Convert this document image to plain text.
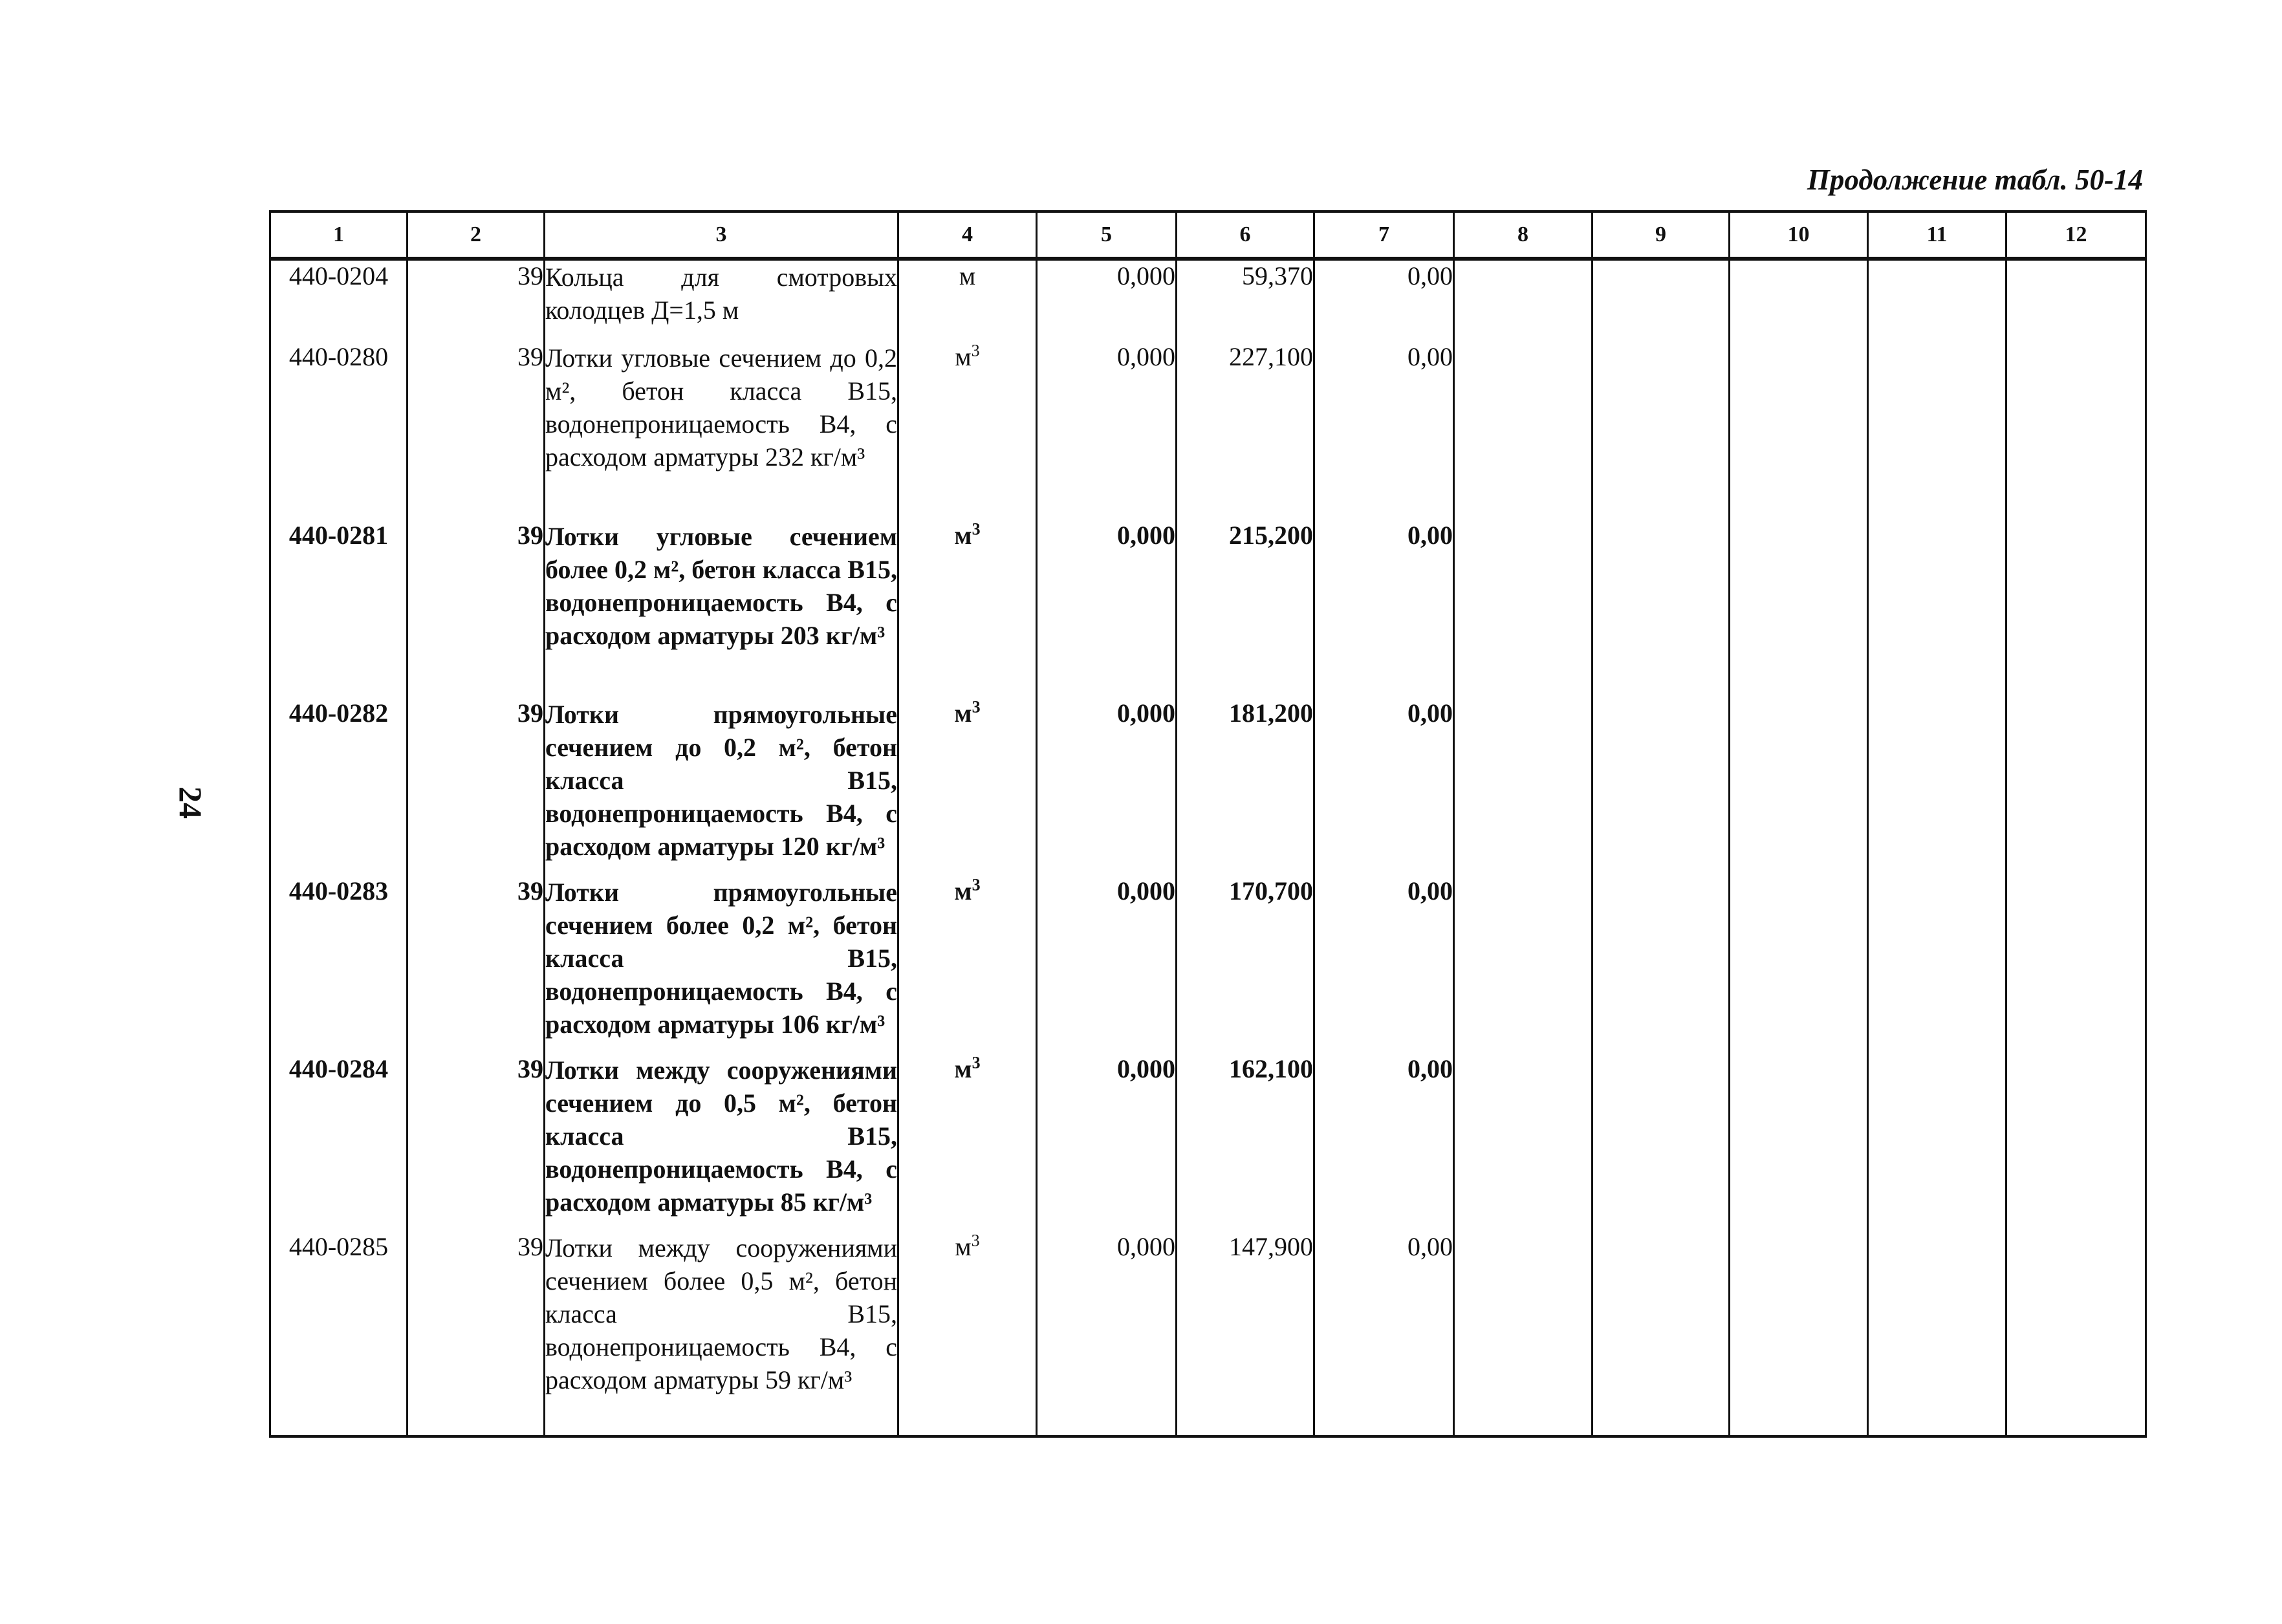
Продолжение табл. 50-14
24
1	2	3	4	5	6	7	8	9	10	11	12
440-0204	39	Кольца для смотровых колодцев Д=1,5 м	м	0,000	59,370	0,00					
440-0280	39	Лотки угловые сечением до 0,2 м², бетон класса B15, водонепроницаемость В4, с расходом арматуры 232 кг/м³	$м^3$	0,000	227,100	0,00					
440-0281	39	Лотки угловые сечением более 0,2 м², бетон класса B15, водонепроницаемость В4, с расходом арматуры 203 кг/м³	$м^3$	0,000	215,200	0,00					
440-0282	39	Лотки прямоугольные сечением до 0,2 м², бетон класса B15, водонепроницаемость В4, с расходом арматуры 120 кг/м³	$м^3$	0,000	181,200	0,00					
440-0283	39	Лотки прямоугольные сечением более 0,2 м², бетон класса B15, водонепроницаемость В4, с расходом арматуры 106 кг/м³	$м^3$	0,000	170,700	0,00					
440-0284	39	Лотки между сооружениями сечением до 0,5 м², бетон класса B15, водонепроницаемость В4, с расходом арматуры 85 кг/м³	$м^3$	0,000	162,100	0,00					
440-0285	39	Лотки между сооружениями сечением более 0,5 м², бетон класса B15, водонепроницаемость В4, с расходом арматуры 59 кг/м³	$м^3$	0,000	147,900	0,00					
